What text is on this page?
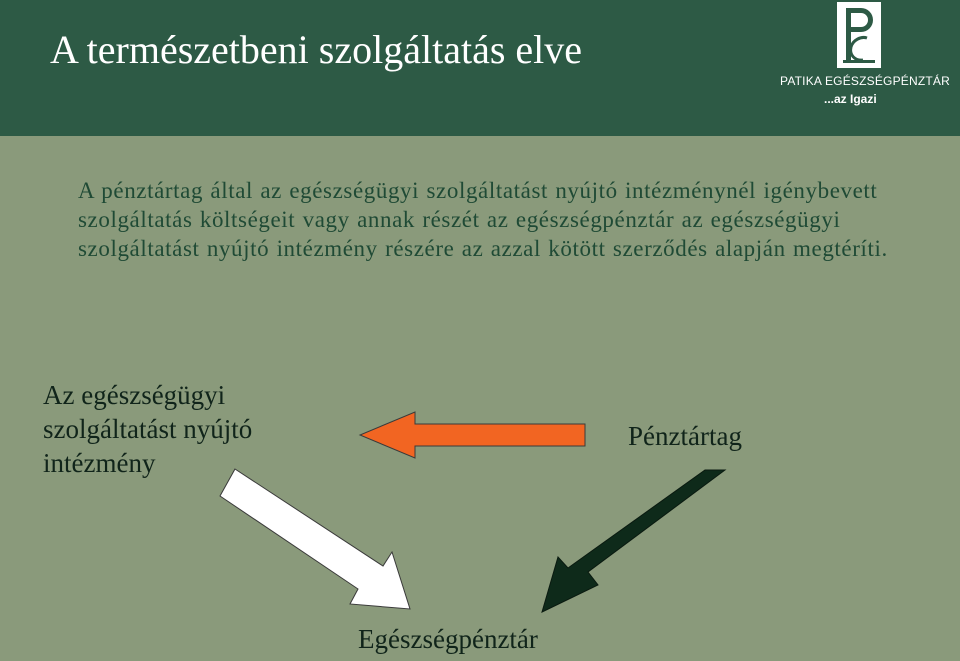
A természetbeni szolgáltatás elve
PATIKA EGÉSZSÉGPÉNZTÁR
...az Igazi

A pénztártag által az egészségügyi szolgáltatást nyújtó intézménynél igénybevett szolgáltatás költségeit vagy annak részét az egészségpénztár az egészségügyi szolgáltatást nyújtó intézmény részére az azzal kötött szerződés alapján megtéríti.

Az egészségügyi szolgáltatást nyújtó intézmény

Pénztártag

Egészségpénztár
